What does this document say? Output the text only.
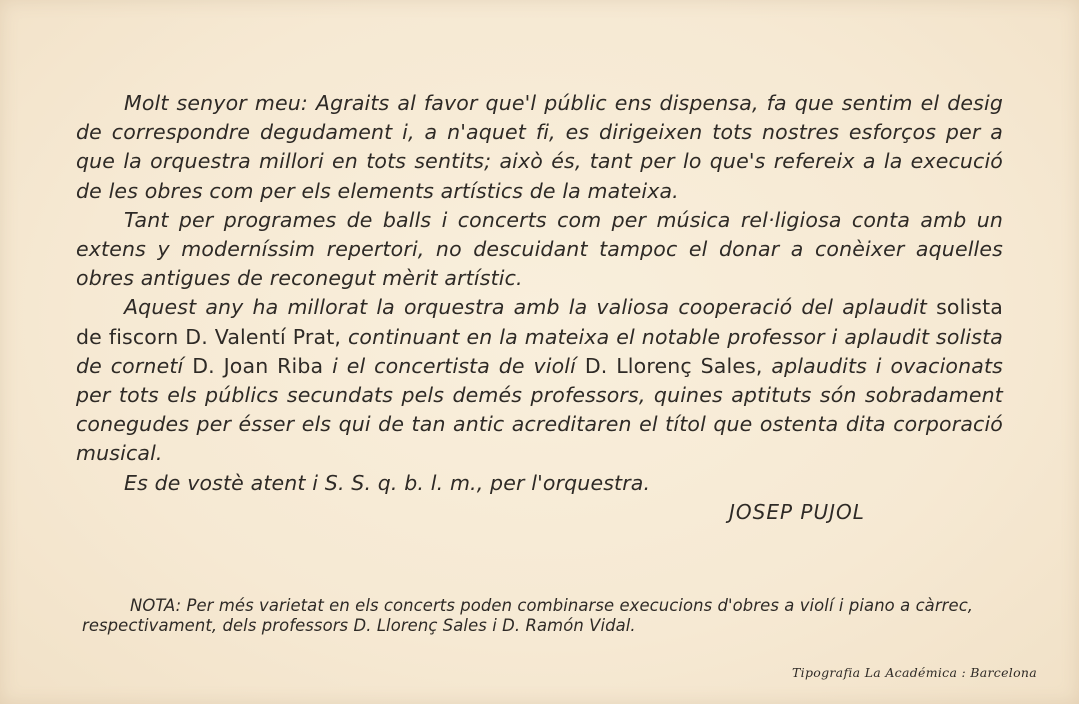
Molt senyor meu: Agraits al favor que'l públic ens dispensa, fa que sentim el desig de correspondre degudament i, a n'aquet fi, es dirigeixen tots nostres esforços per a que la orquestra millori en tots sentits; això és, tant per lo que's refereix a la execució de les obres com per els elements artístics de la mateixa.

Tant per programes de balls i concerts com per música rel·ligiosa conta amb un extens y moderníssim repertori, no descuidant tampoc el donar a conèixer aquelles obres antigues de reconegut mèrit artístic.

Aquest any ha millorat la orquestra amb la valiosa cooperació del aplaudit solista de fiscorn D. Valentí Prat, continuant en la mateixa el notable professor i aplaudit solista de cornetí D. Joan Riba i el concertista de violí D. Llorenç Sales, aplaudits i ovacionats per tots els públics secundats pels demés professors, quines aptituts són sobradament conegudes per ésser els qui de tan antic acreditaren el títol que ostenta dita corporació musical.

Es de vostè atent i S. S. q. b. l. m., per l'orquestra.

JOSEP PUJOL
NOTA: Per més varietat en els concerts poden combinarse execucions d'obres a violí i piano a càrrec, respectivament, dels professors D. Llorenç Sales i D. Ramón Vidal.
Tipografia La Académica : Barcelona
